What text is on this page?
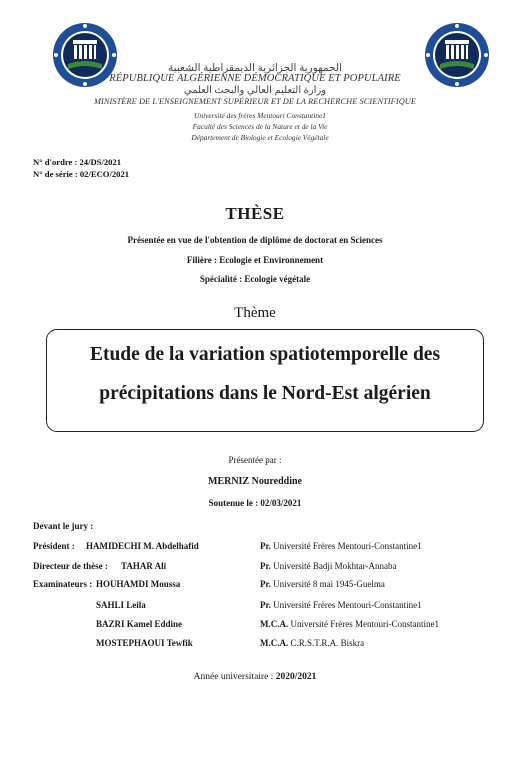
الجمهورية الجزائرية الديمقراطية الشعبية
RÉPUBLIQUE ALGÉRIENNE DÉMOCRATIQUE ET POPULAIRE
وزارة التعليم العالي والبحث العلمي
MINISTÈRE DE L'ENSEIGNEMENT SUPÉRIEUR ET DE LA RECHERCHE SCIENTIFIQUE
Université des frères Mentouri Constantine1
Faculté des Sciences de la Nature et de la Vie
Département de Biologie et Ecologie Végétale
N° d'ordre : 24/DS/2021
N° de série : 02/ECO/2021
THÈSE
Présentée en vue de l'obtention de diplôme de doctorat en Sciences
Filière : Ecologie et Environnement
Spécialité : Ecologie végétale
Thème
Etude de la variation spatiotemporelle des
précipitations dans le Nord-Est algérien
Présentée par :
MERNIZ Noureddine
Soutenue le : 02/03/2021
Devant le jury :
Président : HAMIDECHI M. Abdelhafid	Pr. Université Frères Mentouri-Constantine1
Directeur de thèse : TAHAR Ali	Pr. Université Badji Mokhtar-Annaba
Examinateurs : HOUHAMDI Moussa	Pr. Université 8 mai 1945-Guelma
SAHLI Leila	Pr. Université Frères Mentouri-Constantine1
BAZRI Kamel Eddine	M.C.A. Université Frères Mentouri-Constantine1
MOSTEPHAOUI Tewfik	M.C.A. C.R.S.T.R.A. Biskra
Année universitaire : 2020/2021
